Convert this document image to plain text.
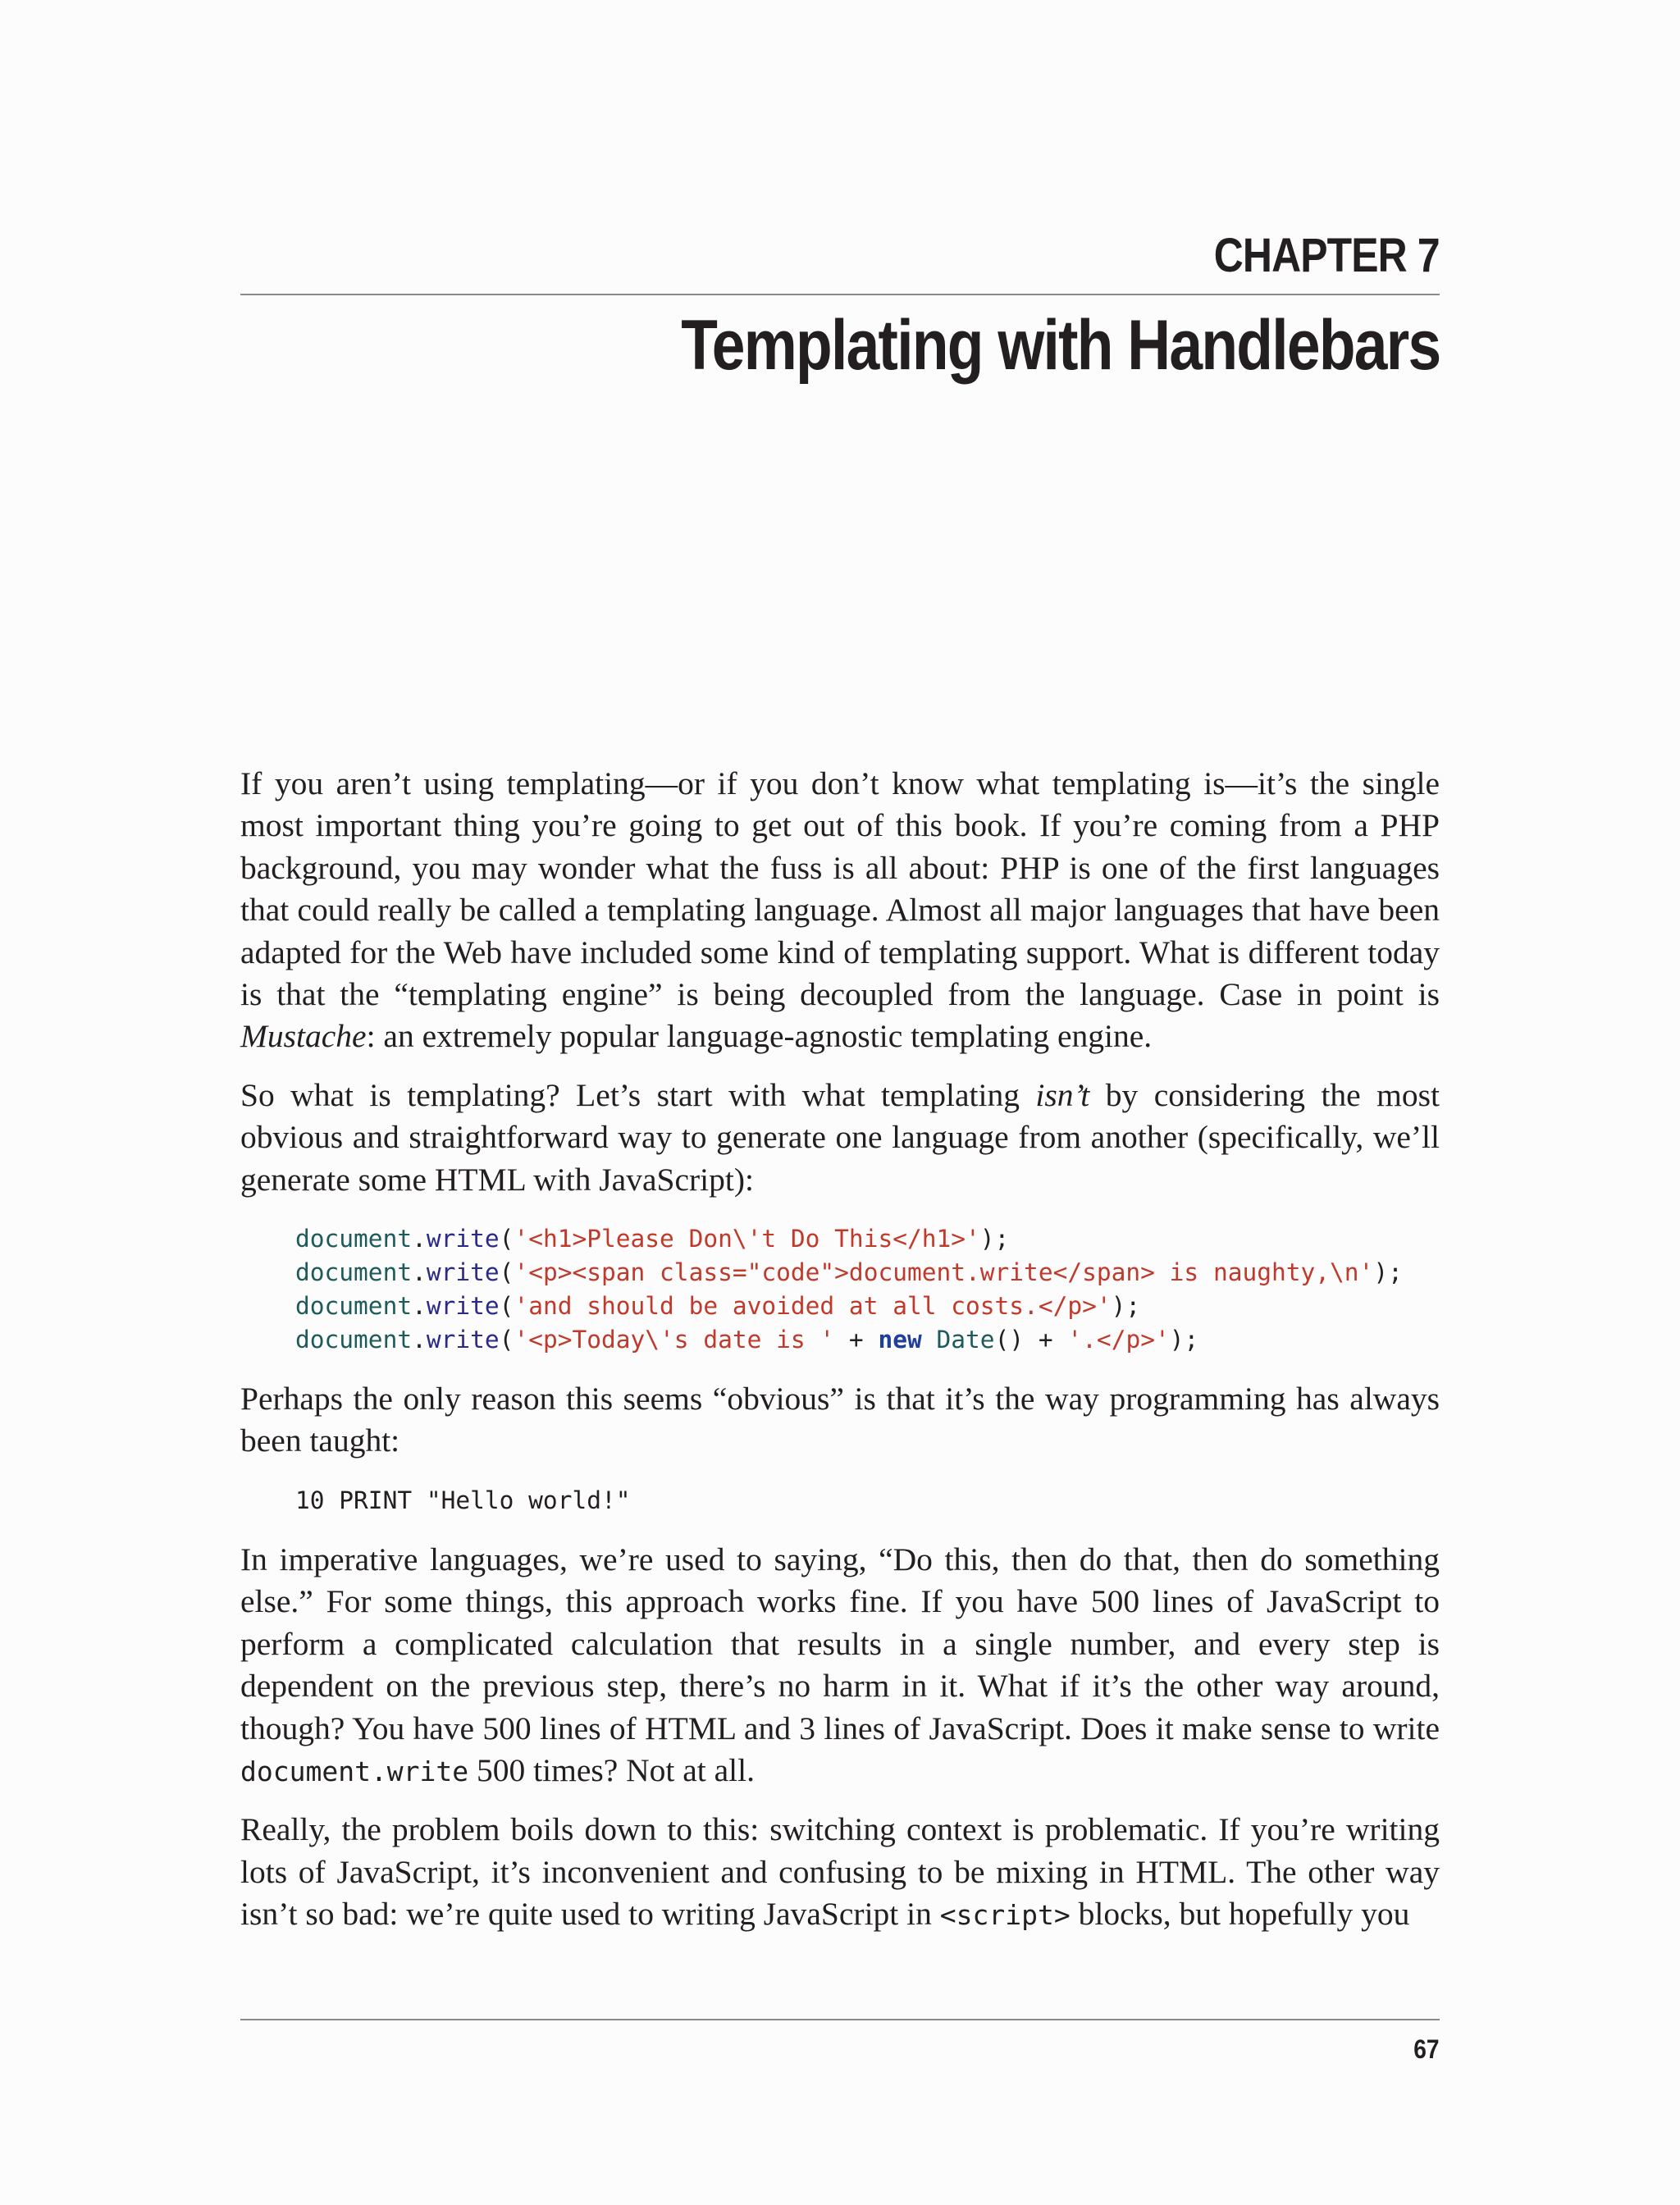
CHAPTER 7
Templating with Handlebars

If you aren’t using templating—or if you don’t know what templating is—it’s the single most important thing you’re going to get out of this book. If you’re coming from a PHP background, you may wonder what the fuss is all about: PHP is one of the first languages that could really be called a templating language. Almost all major languages that have been adapted for the Web have included some kind of templating support. What is different today is that the “templating engine” is being decoupled from the language. Case in point is Mustache: an extremely popular language-agnostic templating engine.

So what is templating? Let’s start with what templating isn’t by considering the most obvious and straightforward way to generate one language from another (specifically, we’ll generate some HTML with JavaScript):

document.write('<h1>Please Don\'t Do This</h1>');
document.write('<p><span class="code">document.write</span> is naughty,\n');
document.write('and should be avoided at all costs.</p>');
document.write('<p>Today\'s date is ' + new Date() + '.</p>');

Perhaps the only reason this seems “obvious” is that it’s the way programming has always been taught:

10 PRINT "Hello world!"

In imperative languages, we’re used to saying, “Do this, then do that, then do something else.” For some things, this approach works fine. If you have 500 lines of JavaScript to perform a complicated calculation that results in a single number, and every step is dependent on the previous step, there’s no harm in it. What if it’s the other way around, though? You have 500 lines of HTML and 3 lines of JavaScript. Does it make sense to write document.write 500 times? Not at all.

Really, the problem boils down to this: switching context is problematic. If you’re writing lots of JavaScript, it’s inconvenient and confusing to be mixing in HTML. The other way isn’t so bad: we’re quite used to writing JavaScript in <script> blocks, but hopefully you

67
